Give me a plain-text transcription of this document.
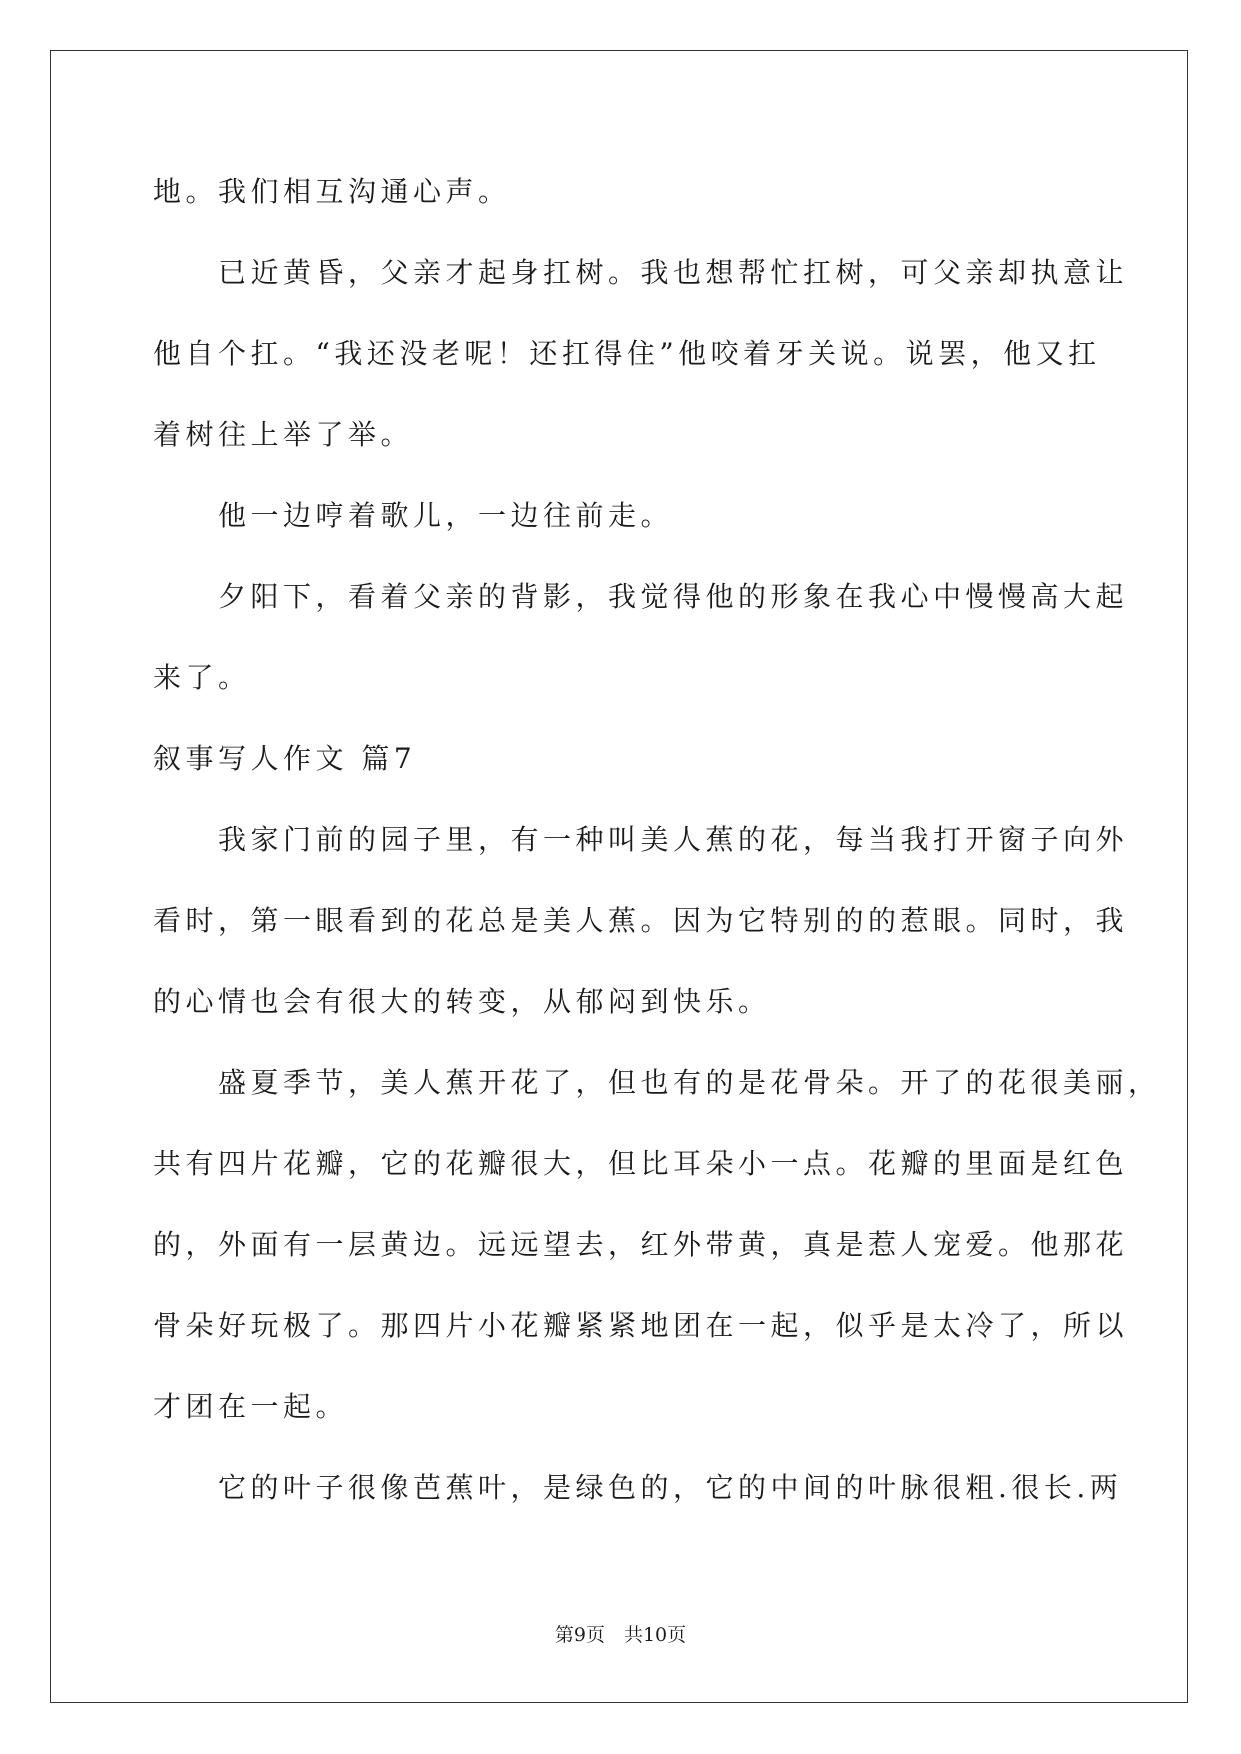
地。我们相互沟通心声。
　　已近黄昏，父亲才起身扛树。我也想帮忙扛树，可父亲却执意让
他自个扛。“我还没老呢！还扛得住”他咬着牙关说。说罢，他又扛
着树往上举了举。
　　他一边哼着歌儿，一边往前走。
　　夕阳下，看着父亲的背影，我觉得他的形象在我心中慢慢高大起
来了。
叙事写人作文 篇7
　　我家门前的园子里，有一种叫美人蕉的花，每当我打开窗子向外
看时，第一眼看到的花总是美人蕉。因为它特别的的惹眼。同时，我
的心情也会有很大的转变，从郁闷到快乐。
　　盛夏季节，美人蕉开花了，但也有的是花骨朵。开了的花很美丽，
共有四片花瓣，它的花瓣很大，但比耳朵小一点。花瓣的里面是红色
的，外面有一层黄边。远远望去，红外带黄，真是惹人宠爱。他那花
骨朵好玩极了。那四片小花瓣紧紧地团在一起，似乎是太冷了，所以
才团在一起。
　　它的叶子很像芭蕉叶，是绿色的，它的中间的叶脉很粗.很长.两
第9页　共10页
